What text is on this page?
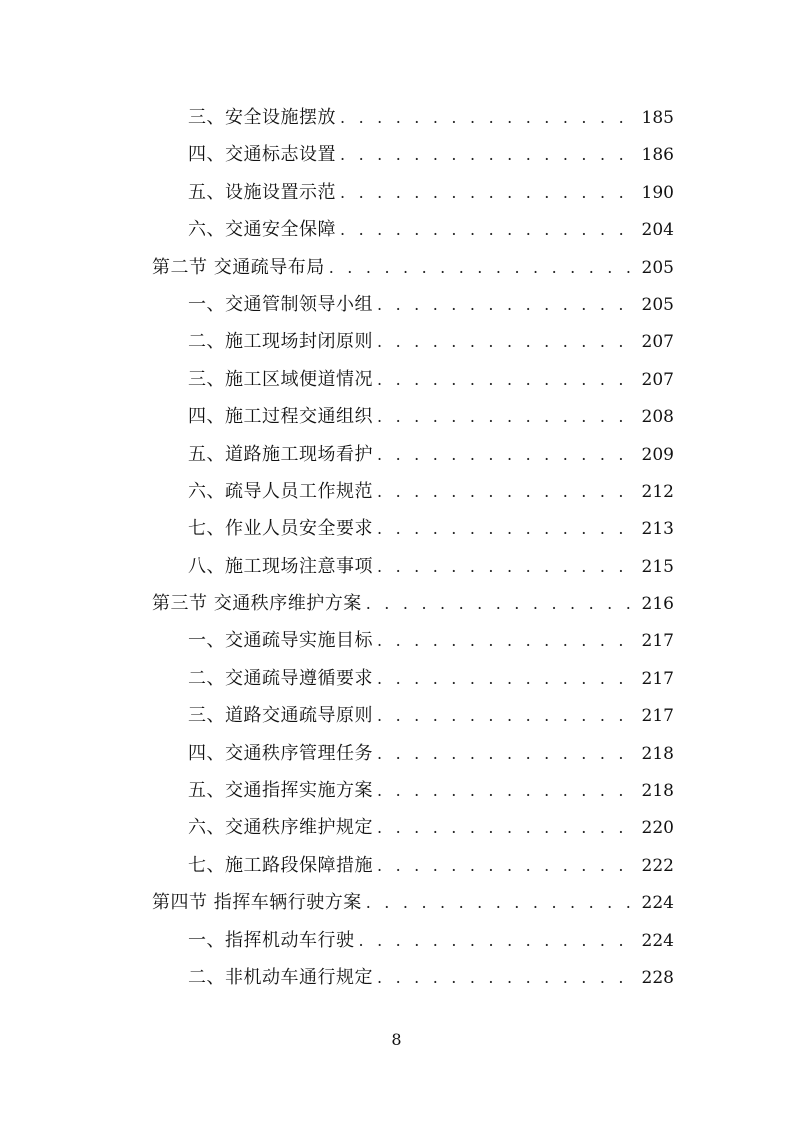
三、安全设施摆放 . . .	185
四、交通标志设置 . . .	186
五、设施设置示范 . . .	190
六、交通安全保障 . . .	204
第二节 交通疏导布局 . . .	205
一、交通管制领导小组 . . .	205
二、施工现场封闭原则 . . .	207
三、施工区域便道情况 . . .	207
四、施工过程交通组织 . . .	208
五、道路施工现场看护 . . .	209
六、疏导人员工作规范 . . .	212
七、作业人员安全要求 . . .	213
八、施工现场注意事项 . . .	215
第三节 交通秩序维护方案 . . .	216
一、交通疏导实施目标 . . .	217
二、交通疏导遵循要求 . . .	217
三、道路交通疏导原则 . . .	217
四、交通秩序管理任务 . . .	218
五、交通指挥实施方案 . . .	218
六、交通秩序维护规定 . . .	220
七、施工路段保障措施 . . .	222
第四节 指挥车辆行驶方案 . . .	224
一、指挥机动车行驶 . . .	224
二、非机动车通行规定 . . .	228
8
